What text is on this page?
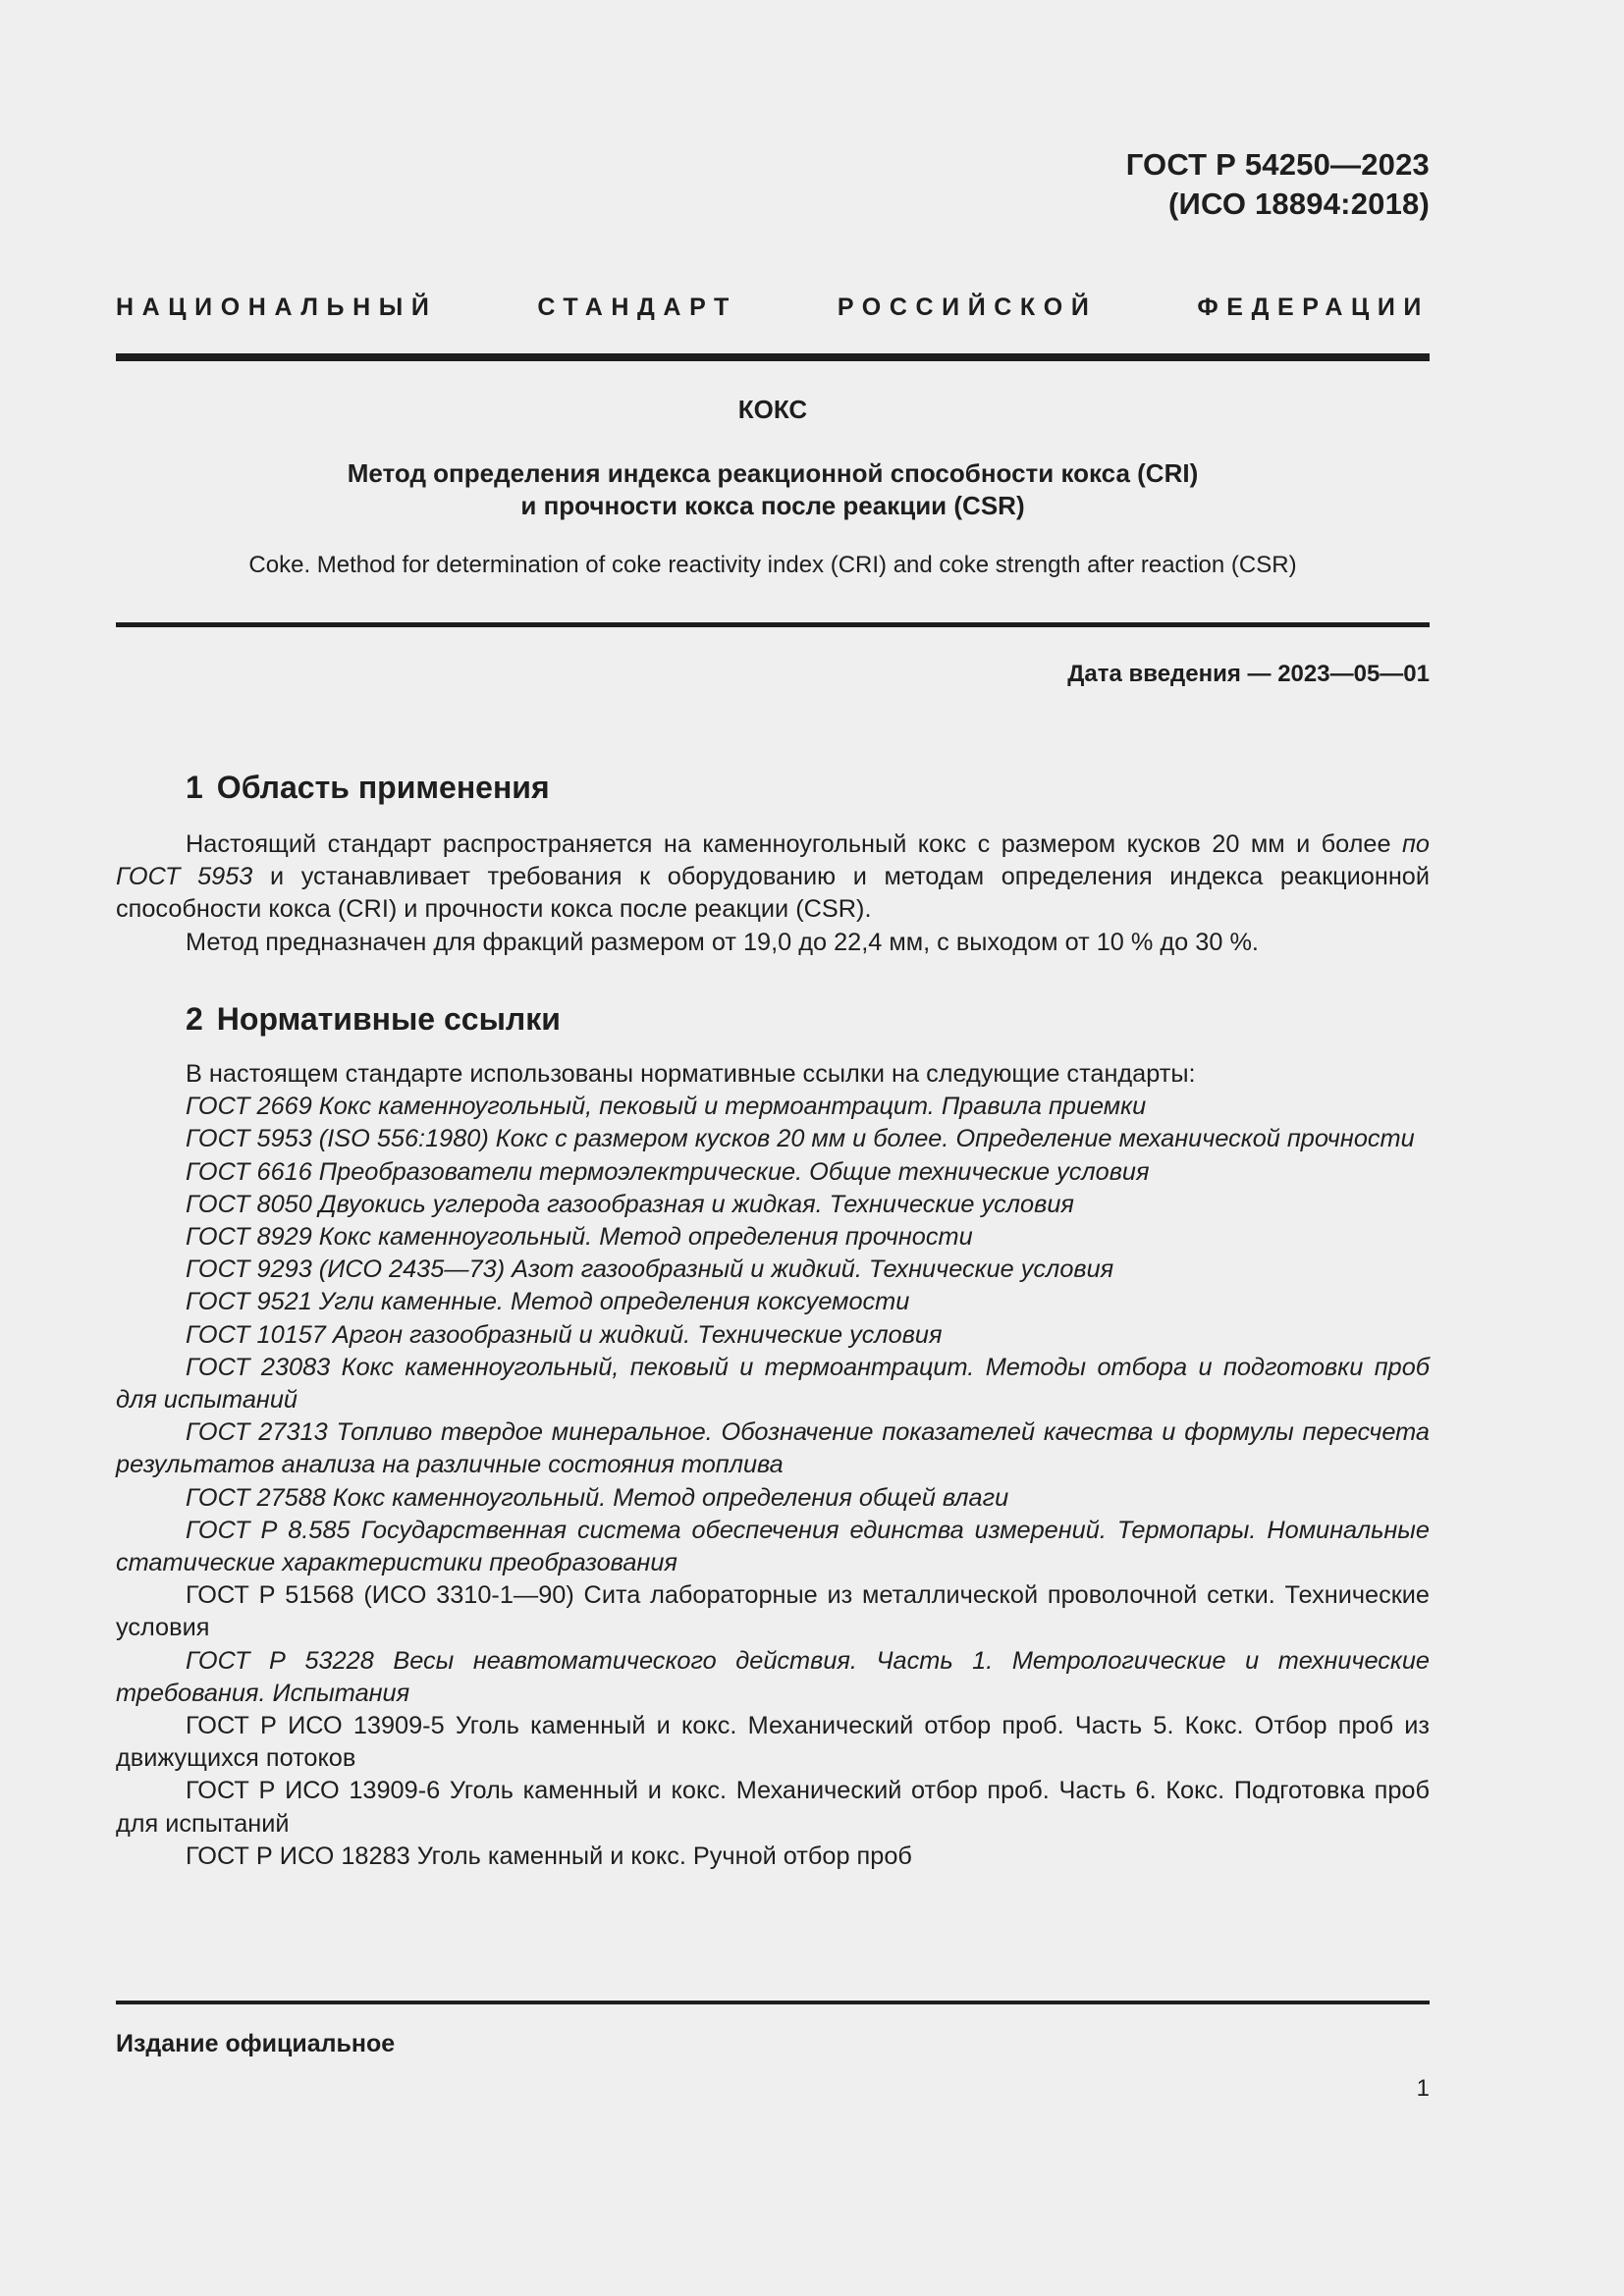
ГОСТ Р 54250—2023
(ИСО 18894:2018)
НАЦИОНАЛЬНЫЙ СТАНДАРТ РОССИЙСКОЙ ФЕДЕРАЦИИ
КОКС
Метод определения индекса реакционной способности кокса (CRI)
и прочности кокса после реакции (CSR)
Coke. Method for determination of coke reactivity index (CRI) and coke strength after reaction (CSR)
Дата введения — 2023—05—01
1 Область применения

Настоящий стандарт распространяется на каменноугольный кокс с размером кусков 20 мм и более по ГОСТ 5953 и устанавливает требования к оборудованию и методам определения индекса реакционной способности кокса (CRI) и прочности кокса после реакции (CSR).

Метод предназначен для фракций размером от 19,0 до 22,4 мм, с выходом от 10 % до 30 %.

2 Нормативные ссылки

В настоящем стандарте использованы нормативные ссылки на следующие стандарты:

ГОСТ 2669 Кокс каменноугольный, пековый и термоантрацит. Правила приемки

ГОСТ 5953 (ISO 556:1980) Кокс с размером кусков 20 мм и более. Определение механической прочности

ГОСТ 6616 Преобразователи термоэлектрические. Общие технические условия

ГОСТ 8050 Двуокись углерода газообразная и жидкая. Технические условия

ГОСТ 8929 Кокс каменноугольный. Метод определения прочности

ГОСТ 9293 (ИСО 2435—73) Азот газообразный и жидкий. Технические условия

ГОСТ 9521 Угли каменные. Метод определения коксуемости

ГОСТ 10157 Аргон газообразный и жидкий. Технические условия

ГОСТ 23083 Кокс каменноугольный, пековый и термоантрацит. Методы отбора и подготовки проб для испытаний

ГОСТ 27313 Топливо твердое минеральное. Обозначение показателей качества и формулы пересчета результатов анализа на различные состояния топлива

ГОСТ 27588 Кокс каменноугольный. Метод определения общей влаги

ГОСТ Р 8.585 Государственная система обеспечения единства измерений. Термопары. Номинальные статические характеристики преобразования

ГОСТ Р 51568 (ИСО 3310-1—90) Сита лабораторные из металлической проволочной сетки. Технические условия

ГОСТ Р 53228 Весы неавтоматического действия. Часть 1. Метрологические и технические требования. Испытания

ГОСТ Р ИСО 13909-5 Уголь каменный и кокс. Механический отбор проб. Часть 5. Кокс. Отбор проб из движущихся потоков

ГОСТ Р ИСО 13909-6 Уголь каменный и кокс. Механический отбор проб. Часть 6. Кокс. Подготовка проб для испытаний

ГОСТ Р ИСО 18283 Уголь каменный и кокс. Ручной отбор проб

Издание официальное
1
